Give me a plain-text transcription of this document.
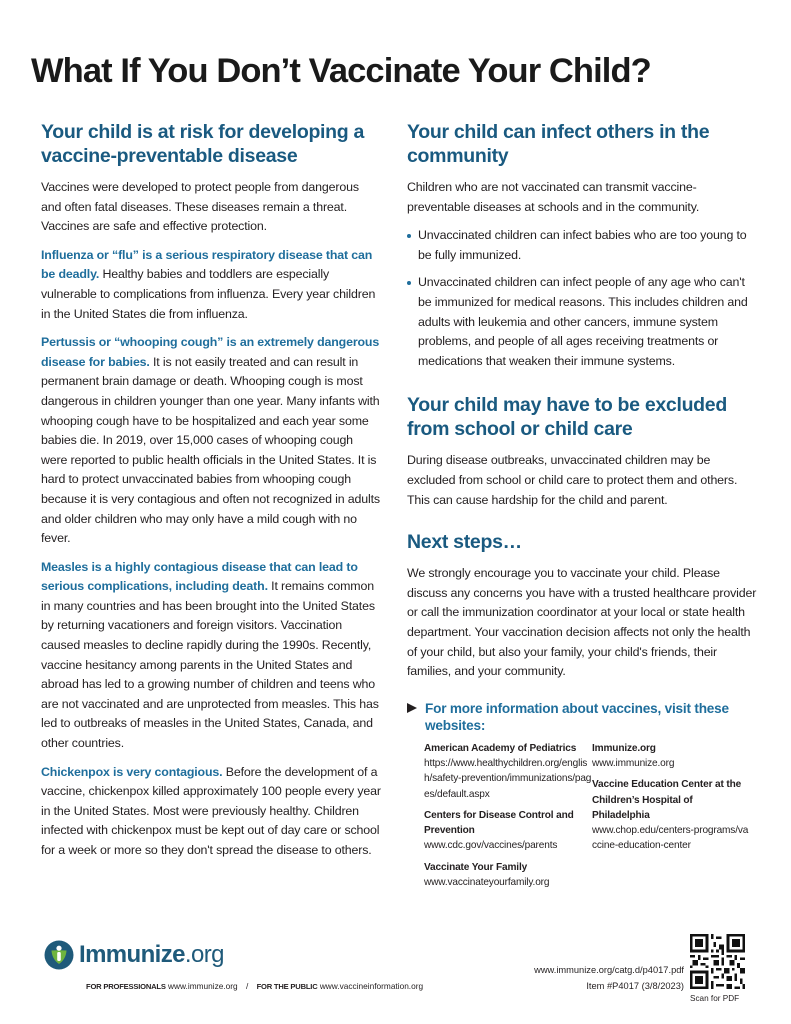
What If You Don’t Vaccinate Your Child?
Your child is at risk for developing a vaccine-preventable disease

Vaccines were developed to protect people from dangerous and often fatal diseases. These diseases remain a threat. Vaccines are safe and effective protection.

Influenza or “flu” is a serious respiratory disease that can be deadly. Healthy babies and toddlers are especially vulnerable to complications from influenza. Every year children in the United States die from influenza.

Pertussis or “whooping cough” is an extremely dangerous disease for babies. It is not easily treated and can result in permanent brain damage or death. Whooping cough is most dangerous in children younger than one year. Many infants with whooping cough have to be hospitalized and each year some babies die. In 2019, over 15,000 cases of whooping cough were reported to public health officials in the United States. It is hard to protect unvaccinated babies from whooping cough because it is very contagious and often not recognized in adults and older children who may only have a mild cough with no fever.

Measles is a highly contagious disease that can lead to serious complications, including death. It remains common in many countries and has been brought into the United States by returning vacationers and foreign visitors. Vaccination caused measles to decline rapidly during the 1990s. Recently, vaccine hesitancy among parents in the United States and abroad has led to a growing number of children and teens who are not vaccinated and are unprotected from measles. This has led to outbreaks of measles in the United States, Canada, and other countries.

Chickenpox is very contagious. Before the development of a vaccine, chickenpox killed approximately 100 people every year in the United States. Most were previously healthy. Children infected with chickenpox must be kept out of day care or school for a week or more so they don't spread the disease to others.

Your child can infect others in the community

Children who are not vaccinated can transmit vaccine-preventable diseases at schools and in the community.

Unvaccinated children can infect babies who are too young to be fully immunized.
Unvaccinated children can infect people of any age who can't be immunized for medical reasons. This includes children and adults with leukemia and other cancers, immune system problems, and people of all ages receiving treatments or medications that weaken their immune systems.
Your child may have to be excluded from school or child care

During disease outbreaks, unvaccinated children may be excluded from school or child care to protect them and others. This can cause hardship for the child and parent.

Next steps…

We strongly encourage you to vaccinate your child. Please discuss any concerns you have with a trusted healthcare provider or call the immunization coordinator at your local or state health department. Your vaccination decision affects not only the health of your child, but also your family, your child's friends, their families, and your community.

For more information about vaccines, visit these websites:
American Academy of Pediatrics
https://www.healthychildren.org/english/safety-prevention/immunizations/pages/default.aspx
Centers for Disease Control and Prevention
www.cdc.gov/vaccines/parents
Vaccinate Your Family
www.vaccinateyourfamily.org
Immunize.org
www.immunize.org
Vaccine Education Center at the Children’s Hospital of Philadelphia
www.chop.edu/centers-programs/vaccine-education-center
Immunize.org
FOR PROFESSIONALS www.immunize.org / FOR THE PUBLIC www.vaccineinformation.org
www.immunize.org/catg.d/p4017.pdf
Item #P4017 (3/8/2023)
Scan for PDF
